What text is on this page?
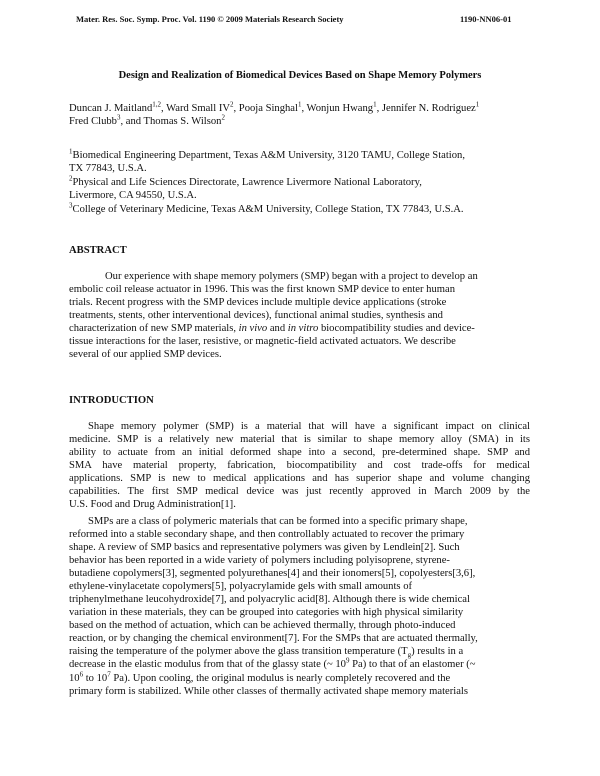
Mater. Res. Soc. Symp. Proc. Vol. 1190 © 2009 Materials Research Society	1190-NN06-01
Design and Realization of Biomedical Devices Based on Shape Memory Polymers
Duncan J. Maitland$^{1,2}$, Ward Small $IV^2$, Pooja Singhal$^1$, Wonjun Hwang$^1$, Jennifer N. Rodriguez$^1$
Fred Clubb$^3$, and Thomas S. Wilson$^2$
$^1$Biomedical Engineering Department, Texas A&M University, 3120 TAMU, College Station,
TX 77843, U.S.A.
$^2$Physical and Life Sciences Directorate, Lawrence Livermore National Laboratory,
Livermore, CA 94550, U.S.A.
$^3$College of Veterinary Medicine, Texas A&M University, College Station, TX 77843, U.S.A.
ABSTRACT
Our experience with shape memory polymers (SMP) began with a project to develop an
embolic coil release actuator in 1996. This was the first known SMP device to enter human
trials. Recent progress with the SMP devices include multiple device applications (stroke
treatments, stents, other interventional devices), functional animal studies, synthesis and
characterization of new SMP materials, in vivo and in vitro biocompatibility studies and device-
tissue interactions for the laser, resistive, or magnetic-field activated actuators. We describe
several of our applied SMP devices.
INTRODUCTION
Shape memory polymer (SMP) is a material that will have a significant impact on clinical
medicine. SMP is a relatively new material that is similar to shape memory alloy (SMA) in its
ability to actuate from an initial deformed shape into a second, pre-determined shape. SMP and
SMA have material property, fabrication, biocompatibility and cost trade-offs for medical
applications. SMP is new to medical applications and has superior shape and volume changing
capabilities. The first SMP medical device was just recently approved in March 2009 by the
U.S. Food and Drug Administration[1].
SMPs are a class of polymeric materials that can be formed into a specific primary shape,
reformed into a stable secondary shape, and then controllably actuated to recover the primary
shape. A review of SMP basics and representative polymers was given by Lendlein[2]. Such
behavior has been reported in a wide variety of polymers including polyisoprene, styrene-
butadiene copolymers[3], segmented polyurethanes[4] and their ionomers[5], copolyesters[3,6],
ethylene-vinylacetate copolymers[5], polyacrylamide gels with small amounts of
triphenylmethane leucohydroxide[7], and polyacrylic acid[8]. Although there is wide chemical
variation in these materials, they can be grouped into categories with high physical similarity
based on the method of actuation, which can be achieved thermally, through photo-induced
reaction, or by changing the chemical environment[7]. For the SMPs that are actuated thermally,
raising the temperature of the polymer above the glass transition temperature $(T_g)$ results in a
decrease in the elastic modulus from that of the glassy state (~ $10^9$ Pa) to that of an elastomer (~
$10^6$ to $10^7$ Pa). Upon cooling, the original modulus is nearly completely recovered and the
primary form is stabilized. While other classes of thermally activated shape memory materials
